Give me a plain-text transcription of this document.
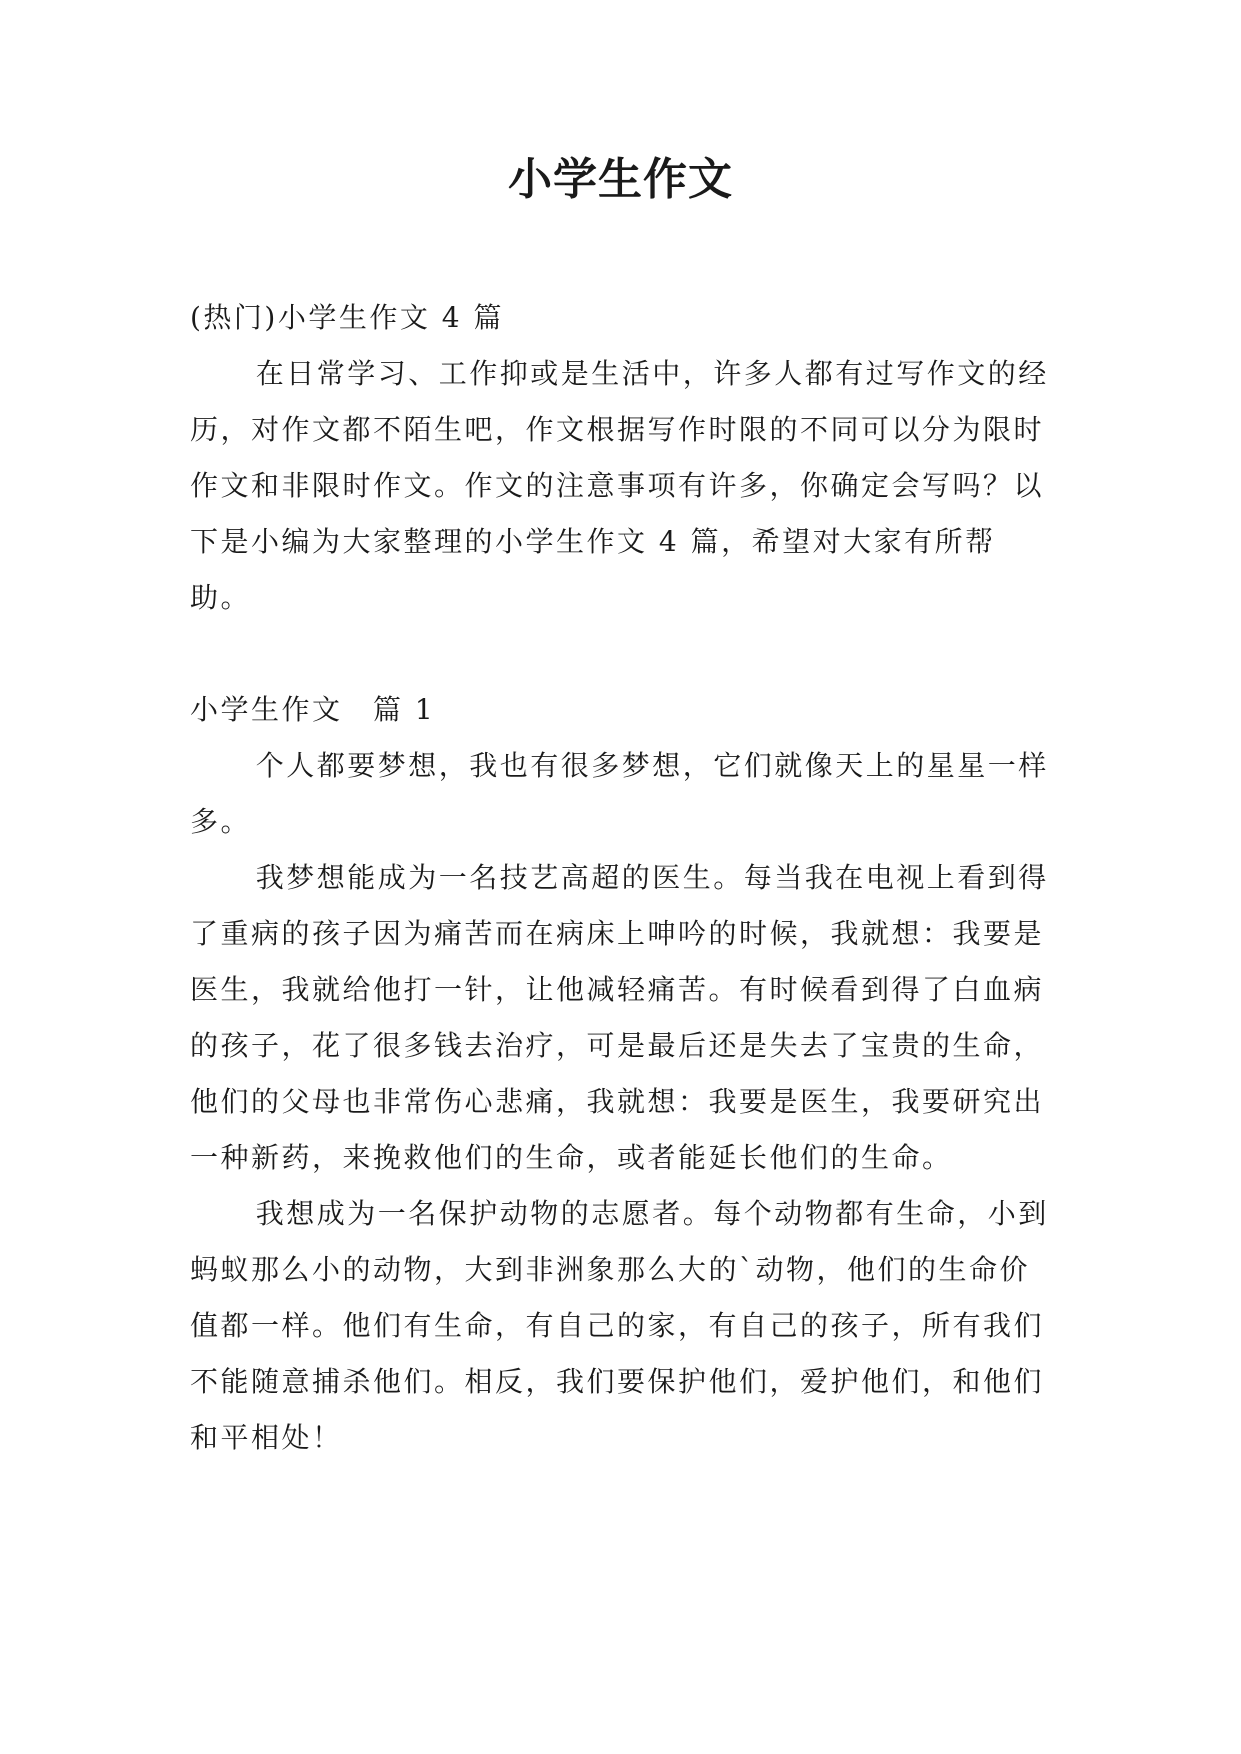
小学生作文

(热门)小学生作文 4 篇

在日常学习、工作抑或是生活中，许多人都有过写作文的经历，对作文都不陌生吧，作文根据写作时限的不同可以分为限时作文和非限时作文。作文的注意事项有许多，你确定会写吗？以下是小编为大家整理的小学生作文 4 篇，希望对大家有所帮助。

小学生作文　篇 1

个人都要梦想，我也有很多梦想，它们就像天上的星星一样多。

我梦想能成为一名技艺高超的医生。每当我在电视上看到得了重病的孩子因为痛苦而在病床上呻吟的时候，我就想：我要是医生，我就给他打一针，让他减轻痛苦。有时候看到得了白血病的孩子，花了很多钱去治疗，可是最后还是失去了宝贵的生命，他们的父母也非常伤心悲痛，我就想：我要是医生，我要研究出一种新药，来挽救他们的生命，或者能延长他们的生命。

我想成为一名保护动物的志愿者。每个动物都有生命，小到蚂蚁那么小的动物，大到非洲象那么大的`动物，他们的生命价值都一样。他们有生命，有自己的家，有自己的孩子，所有我们不能随意捕杀他们。相反，我们要保护他们，爱护他们，和他们和平相处！
